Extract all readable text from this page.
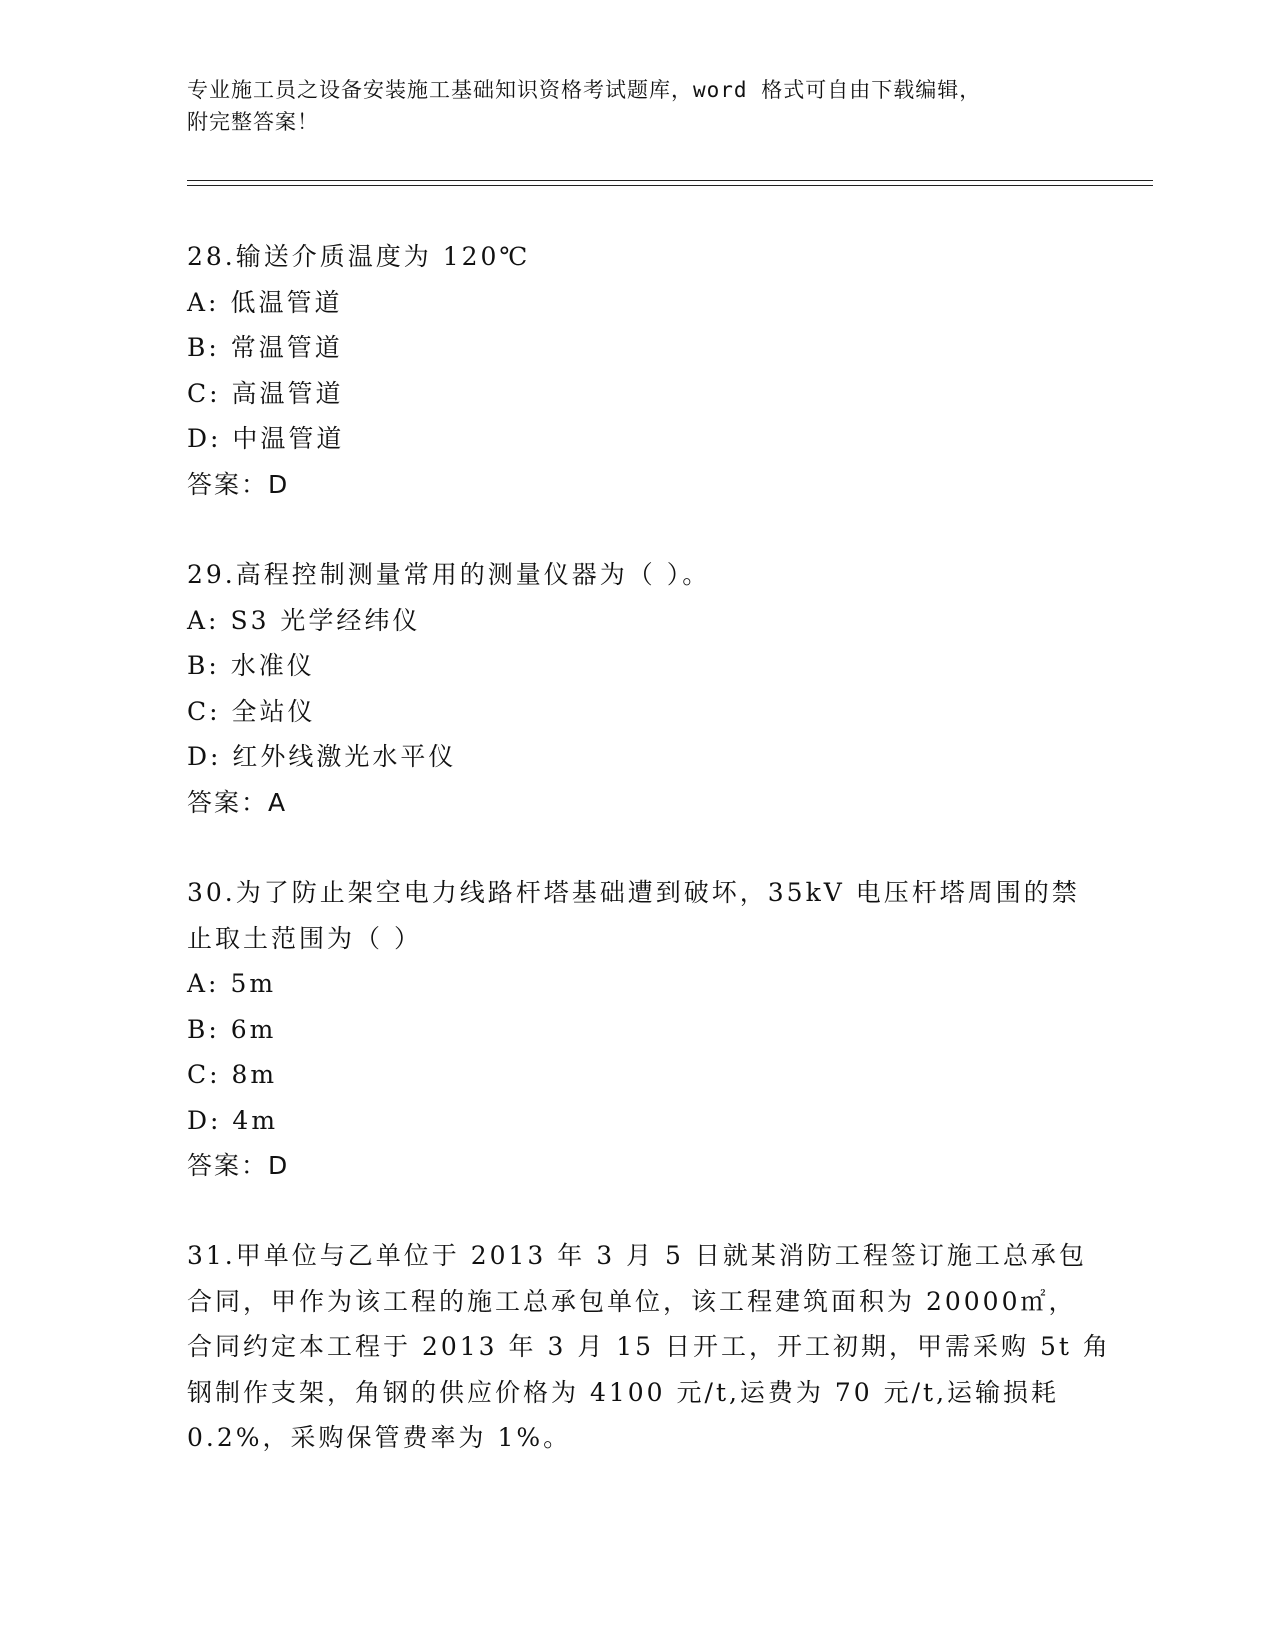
专业施工员之设备安装施工基础知识资格考试题库，word 格式可自由下载编辑，
附完整答案！
28.输送介质温度为 120℃
A: 低温管道
B: 常温管道
C: 高温管道
D: 中温管道
答案：D
29.高程控制测量常用的测量仪器为（ ）。
A: S3 光学经纬仪
B: 水准仪
C: 全站仪
D: 红外线激光水平仪
答案：A
30.为了防止架空电力线路杆塔基础遭到破坏，35kV 电压杆塔周围的禁
止取土范围为（ ）
A: 5m
B: 6m
C: 8m
D: 4m
答案：D
31.甲单位与乙单位于 2013 年 3 月 5 日就某消防工程签订施工总承包
合同，甲作为该工程的施工总承包单位，该工程建筑面积为 20000㎡，
合同约定本工程于 2013 年 3 月 15 日开工，开工初期，甲需采购 5t 角
钢制作支架，角钢的供应价格为 4100 元/t,运费为 70 元/t,运输损耗
0.2%，采购保管费率为 1%。
